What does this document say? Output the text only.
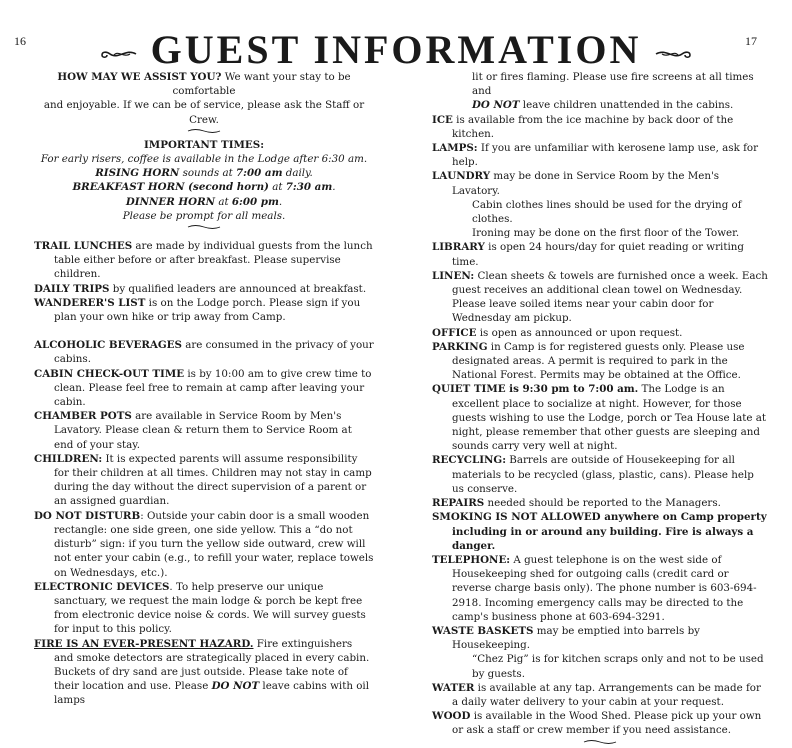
16	17
GUEST INFORMATION
HOW MAY WE ASSIST YOU? We want your stay to be comfortable
and enjoyable. If we can be of service, please ask the Staff or Crew.
IMPORTANT TIMES:
For early risers, coffee is available in the Lodge after 6:30 am.
RISING HORN sounds at 7:00 am daily.
BREAKFAST HORN (second horn) at 7:30 am.
DINNER HORN at 6:00 pm.
Please be prompt for all meals.

TRAIL LUNCHES are made by individual guests from the lunch table either before or after breakfast. Please supervise children.

DAILY TRIPS by qualified leaders are announced at breakfast.

WANDERER'S LIST is on the Lodge porch. Please sign if you plan your own hike or trip away from Camp.

ALCOHOLIC BEVERAGES are consumed in the privacy of your cabins.

CABIN CHECK-OUT TIME is by 10:00 am to give crew time to clean. Please feel free to remain at camp after leaving your cabin.

CHAMBER POTS are available in Service Room by Men's Lavatory. Please clean & return them to Service Room at end of your stay.

CHILDREN: It is expected parents will assume responsibility for their children at all times. Children may not stay in camp during the day without the direct supervision of a parent or an assigned guardian.

DO NOT DISTURB: Outside your cabin door is a small wooden rectangle: one side green, one side yellow. This a “do not disturb” sign: if you turn the yellow side outward, crew will not enter your cabin (e.g., to refill your water, replace towels on Wednesdays, etc.).

ELECTRONIC DEVICES. To help preserve our unique sanctuary, we request the main lodge & porch be kept free from electronic device noise & cords. We will survey guests for input to this policy.

FIRE IS AN EVER-PRESENT HAZARD. Fire extinguishers and smoke detectors are strategically placed in every cabin.

Buckets of dry sand are just outside. Please take note of their location and use. Please DO NOT leave cabins with oil lamps

lit or fires flaming. Please use fire screens at all times and

DO NOT leave children unattended in the cabins.

ICE is available from the ice machine by back door of the kitchen.

LAMPS: If you are unfamiliar with kerosene lamp use, ask for help.

LAUNDRY may be done in Service Room by the Men's Lavatory.

Cabin clothes lines should be used for the drying of clothes.

Ironing may be done on the first floor of the Tower.

LIBRARY is open 24 hours/day for quiet reading or writing time.

LINEN: Clean sheets & towels are furnished once a week. Each guest receives an additional clean towel on Wednesday. Please leave soiled items near your cabin door for Wednesday am pickup.

OFFICE is open as announced or upon request.

PARKING in Camp is for registered guests only. Please use designated areas. A permit is required to park in the National Forest. Permits may be obtained at the Office.

QUIET TIME is 9:30 pm to 7:00 am. The Lodge is an excellent place to socialize at night. However, for those guests wishing to use the Lodge, porch or Tea House late at night, please remember that other guests are sleeping and sounds carry very well at night.

RECYCLING: Barrels are outside of Housekeeping for all materials to be recycled (glass, plastic, cans). Please help us conserve.

REPAIRS needed should be reported to the Managers.

SMOKING IS NOT ALLOWED anywhere on Camp property including in or around any building. Fire is always a danger.

TELEPHONE: A guest telephone is on the west side of Housekeeping shed for outgoing calls (credit card or reverse charge basis only). The phone number is 603-694-2918. Incoming emergency calls may be directed to the camp's business phone at 603-694-3291.

WASTE BASKETS may be emptied into barrels by Housekeeping.

“Chez Pig” is for kitchen scraps only and not to be used by guests.

WATER is available at any tap. Arrangements can be made for a daily water delivery to your cabin at your request.

WOOD is available in the Wood Shed. Please pick up your own or ask a staff or crew member if you need assistance.
